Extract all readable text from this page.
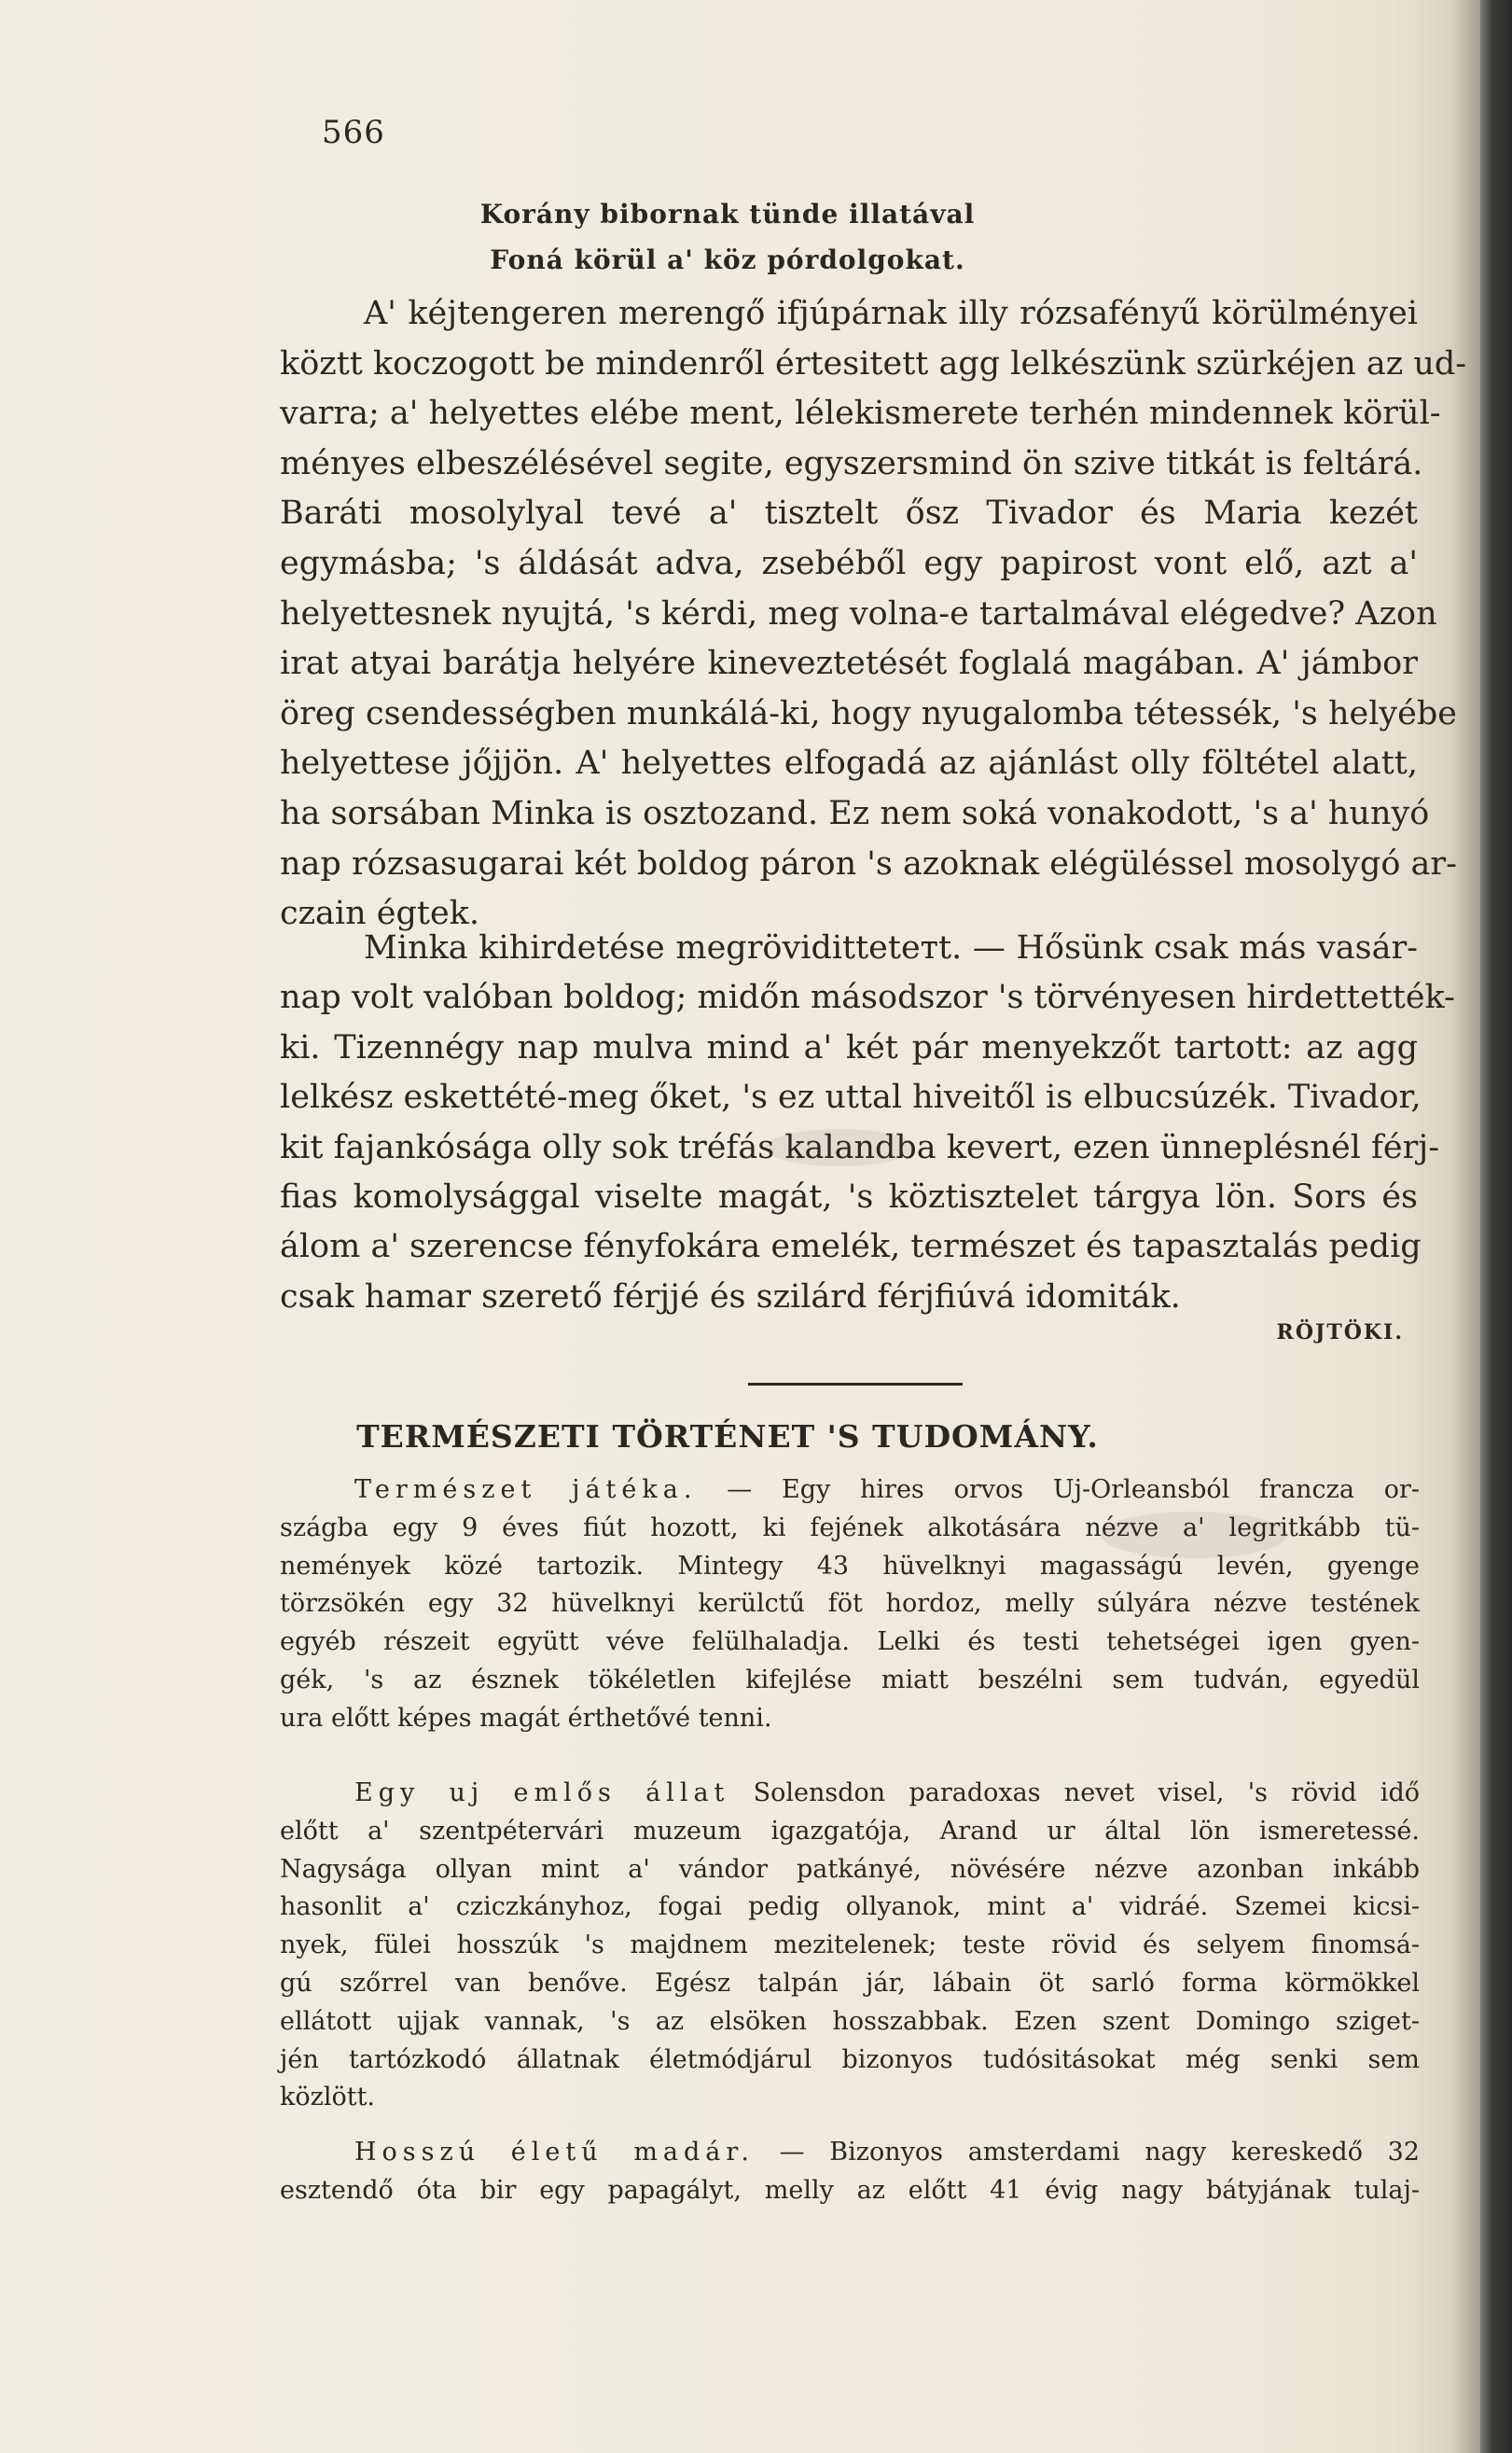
566
Korány bibornak tünde illatával
Foná körül a' köz pórdolgokat.
A' kéjtengeren merengő ifjúpárnak illy rózsafényű körülményei
köztt koczogott be mindenről értesitett agg lelkészünk szürkéjen az ud-
varra; a' helyettes elébe ment, lélekismerete terhén mindennek körül-
ményes elbeszélésével segite, egyszersmind ön szive titkát is feltárá.
Baráti mosolylyal tevé a' tisztelt ősz Tivador és Maria kezét
egymásba; 's áldását adva, zsebéből egy papirost vont elő, azt a'
helyettesnek nyujtá, 's kérdi, meg volna-e tartalmával elégedve? Azon
irat atyai barátja helyére kineveztetését foglalá magában. A' jámbor
öreg csendességben munkálá-ki, hogy nyugalomba tétessék, 's helyébe
helyettese jőjjön. A' helyettes elfogadá az ajánlást olly föltétel alatt,
ha sorsában Minka is osztozand. Ez nem soká vonakodott, 's a' hunyó
nap rózsasugarai két boldog páron 's azoknak elégüléssel mosolygó ar-
czain égtek.
Minka kihirdetése megröviditteteтt. — Hősünk csak más vasár-
nap volt valóban boldog; midőn másodszor 's törvényesen hirdettették-
ki. Tizennégy nap mulva mind a' két pár menyekzőt tartott: az agg
lelkész eskettété-meg őket, 's ez uttal hiveitől is elbucsúzék. Tivador,
kit fajankósága olly sok tréfás kalandba kevert, ezen ünneplésnél férj-
fias komolysággal viselte magát, 's köztisztelet tárgya lön. Sors és
álom a' szerencse fényfokára emelék, természet és tapasztalás pedig
csak hamar szerető férjjé és szilárd férjfiúvá idomiták.
RÖJTÖKI.
TERMÉSZETI TÖRTÉNET 'S TUDOMÁNY.
Természet játéka. — Egy hires orvos Uj-Orleansból francza or-
szágba egy 9 éves fiút hozott, ki fejének alkotására nézve a' legritkább tü-
nemények közé tartozik. Mintegy 43 hüvelknyi magasságú levén, gyenge
törzsökén egy 32 hüvelknyi kerülctű föt hordoz, melly súlyára nézve testének
egyéb részeit együtt véve felülhaladja. Lelki és testi tehetségei igen gyen-
gék, 's az észnek tökéletlen kifejlése miatt beszélni sem tudván, egyedül
ura előtt képes magát érthetővé tenni.
Egy uj emlős állat Solensdon paradoxas nevet visel, 's rövid idő
előtt a' szentpétervári muzeum igazgatója, Arand ur által lön ismeretessé.
Nagysága ollyan mint a' vándor patkányé, növésére nézve azonban inkább
hasonlit a' cziczkányhoz, fogai pedig ollyanok, mint a' vidráé. Szemei kicsi-
nyek, fülei hosszúk 's majdnem mezitelenek; teste rövid és selyem finomsá-
gú szőrrel van benőve. Egész talpán jár, lábain öt sarló forma körmökkel
ellátott ujjak vannak, 's az elsöken hosszabbak. Ezen szent Domingo sziget-
jén tartózkodó állatnak életmódjárul bizonyos tudósitásokat még senki sem
közlött.
Hosszú életű madár. — Bizonyos amsterdami nagy kereskedő 32
esztendő óta bir egy papagályt, melly az előtt 41 évig nagy bátyjának tulaj-
